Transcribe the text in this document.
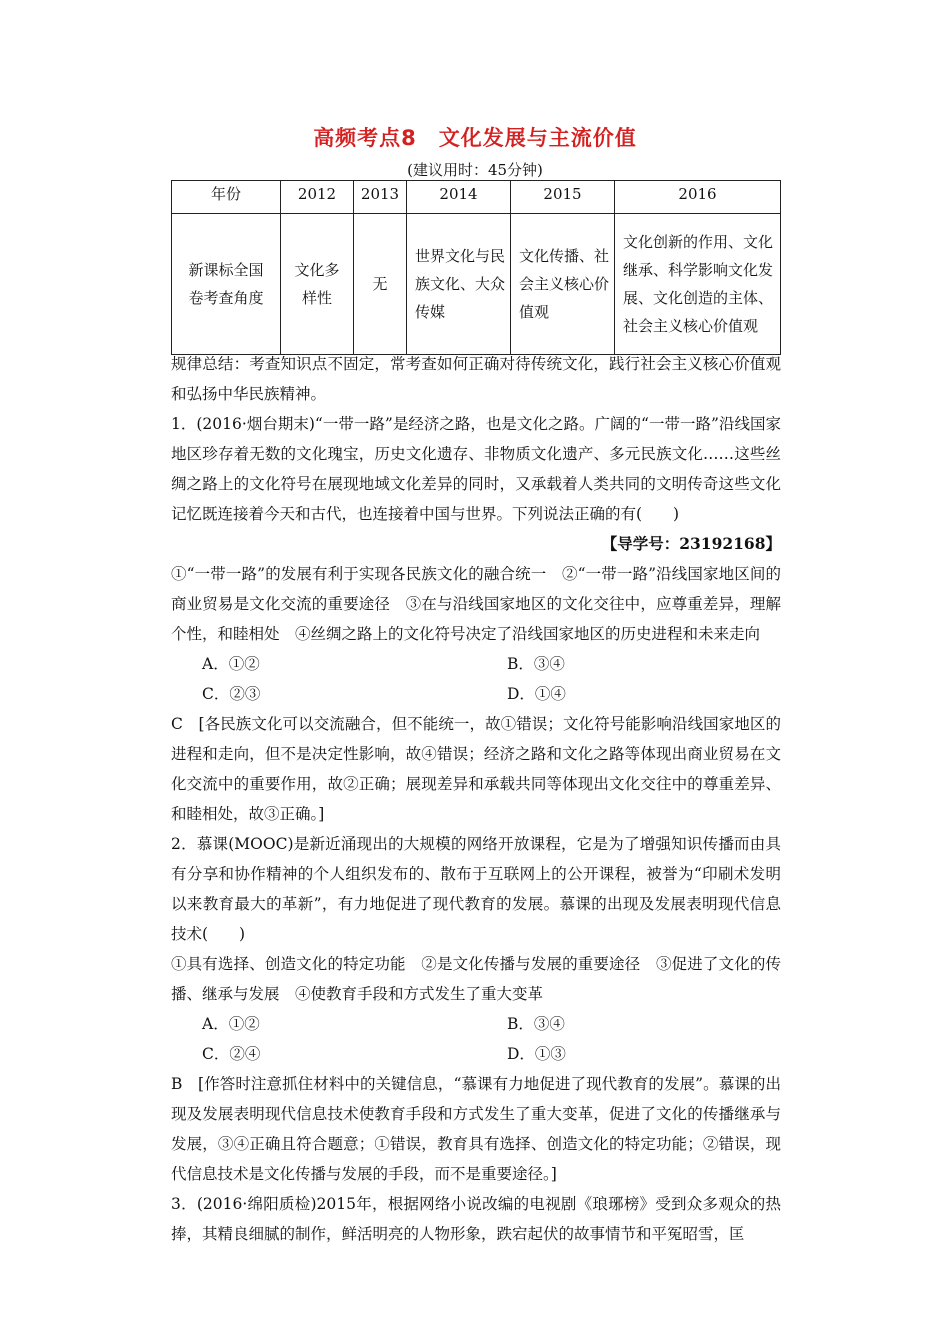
高频考点8　文化发展与主流价值
(建议用时：45分钟)
年份	2012	2013	2014	2015	2016
新课标全国卷考查角度	文化多样性	无	世界文化与民族文化、大众传媒	文化传播、社会主义核心价值观	文化创新的作用、文化继承、科学影响文化发展、文化创造的主体、社会主义核心价值观

规律总结：考查知识点不固定，常考查如何正确对待传统文化，践行社会主义核心价值观和弘扬中华民族精神。

1．(2016·烟台期末)“一带一路”是经济之路，也是文化之路。广阔的“一带一路”沿线国家地区珍存着无数的文化瑰宝，历史文化遗存、非物质文化遗产、多元民族文化……这些丝绸之路上的文化符号在展现地域文化差异的同时，又承载着人类共同的文明传奇这些文化记忆既连接着今天和古代，也连接着中国与世界。下列说法正确的有(　　)

【导学号：23192168】

①“一带一路”的发展有利于实现各民族文化的融合统一　②“一带一路”沿线国家地区间的商业贸易是文化交流的重要途径　③在与沿线国家地区的文化交往中，应尊重差异，理解个性，和睦相处　④丝绸之路上的文化符号决定了沿线国家地区的历史进程和未来走向

A．①②	B．③④
C．②③	D．①④

C　[各民族文化可以交流融合，但不能统一，故①错误；文化符号能影响沿线国家地区的进程和走向，但不是决定性影响，故④错误；经济之路和文化之路等体现出商业贸易在文化交流中的重要作用，故②正确；展现差异和承载共同等体现出文化交往中的尊重差异、和睦相处，故③正确。]

2．慕课(MOOC)是新近涌现出的大规模的网络开放课程，它是为了增强知识传播而由具有分享和协作精神的个人组织发布的、散布于互联网上的公开课程，被誉为“印刷术发明以来教育最大的革新”，有力地促进了现代教育的发展。慕课的出现及发展表明现代信息技术(　　)

①具有选择、创造文化的特定功能　②是文化传播与发展的重要途径　③促进了文化的传播、继承与发展　④使教育手段和方式发生了重大变革

A．①②	B．③④
C．②④	D．①③

B　[作答时注意抓住材料中的关键信息，“慕课有力地促进了现代教育的发展”。慕课的出现及发展表明现代信息技术使教育手段和方式发生了重大变革，促进了文化的传播继承与发展，③④正确且符合题意；①错误，教育具有选择、创造文化的特定功能；②错误，现代信息技术是文化传播与发展的手段，而不是重要途径。]

3．(2016·绵阳质检)2015年，根据网络小说改编的电视剧《琅琊榜》受到众多观众的热捧，其精良细腻的制作，鲜活明亮的人物形象，跌宕起伏的故事情节和平冤昭雪，匡
